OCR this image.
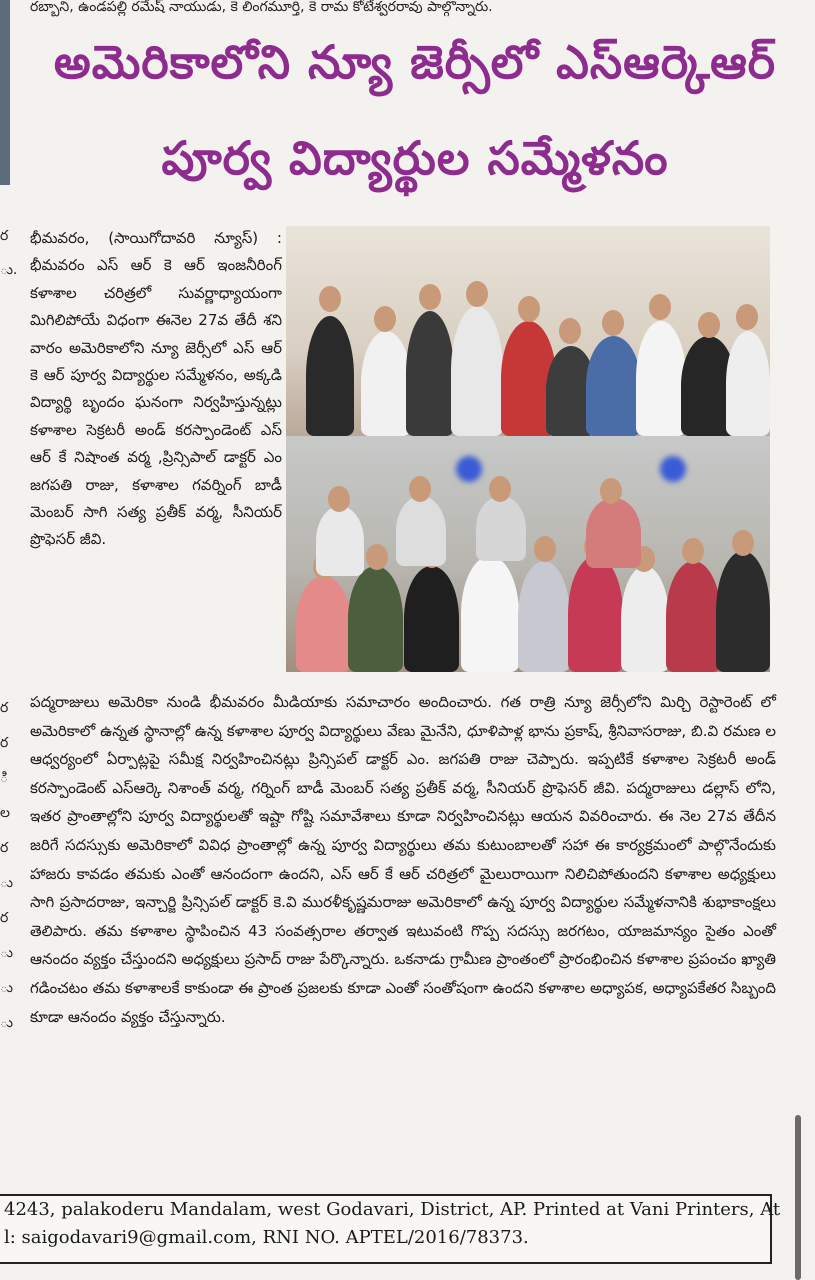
రబ్బాని, ఉండపల్లి రమేష్ నాయుడు, కె లింగమూర్తి, కె రామ కోటేశ్వరరావు పాల్గొన్నారు.
అమెరికాలోని న్యూ జెర్సీలో ఎస్ఆర్కెఆర్
పూర్వ విద్యార్థుల సమ్మేళనం
భీమవరం, (సాయిగోదావరి న్యూస్) : భీమవరం ఎస్ ఆర్ కె ఆర్ ఇంజనీరింగ్ కళాశాల చరిత్రలో సువర్ణాధ్యాయంగా మిగిలిపోయే విధంగా ఈనెల 27వ తేదీ శని వారం అమెరికాలోని న్యూ జెర్సీలో ఎస్ ఆర్ కె ఆర్ పూర్వ విద్యార్థుల సమ్మేళనం, అక్కడి విద్యార్థి బృందం ఘనంగా నిర్వహిస్తున్నట్లు కళాశాల సెక్రటరీ అండ్ కరస్పాండెంట్ ఎస్ ఆర్ కే నిషాంత వర్మ ,ప్రిన్సిపాల్ డాక్టర్ ఎం జగపతి రాజు, కళాశాల గవర్నింగ్ బాడీ మెంబర్ సాగి సత్య ప్రతీక్ వర్మ, సీనియర్ ప్రొఫెసర్ జీవి.
పద్మరాజులు అమెరికా నుండి భీమవరం మీడియాకు సమాచారం అందించారు. గత రాత్రి న్యూ జెర్సీలోని మిర్చి రెస్టారెంట్ లో అమెరికాలో ఉన్నత స్థానాల్లో ఉన్న కళాశాల పూర్వ విద్యార్థులు వేణు మైనేని, ధూళిపాళ్ల భాను ప్రకాష్, శ్రీనివాసరాజు, బి.వి రమణ ల ఆధ్వర్యంలో ఏర్పాట్లపై సమీక్ష నిర్వహించినట్లు ప్రిన్సిపల్ డాక్టర్ ఎం. జగపతి రాజు చెప్పారు. ఇప్పటికే కళాశాల సెక్రటరీ అండ్ కరస్పాండెంట్ ఎస్ఆర్కె నిశాంత్ వర్మ, గర్నింగ్ బాడీ మెంబర్ సత్య ప్రతీక్ వర్మ, సీనియర్ ప్రొఫెసర్ జీవి. పద్మరాజులు డల్లాస్ లోని, ఇతర ప్రాంతాల్లోని పూర్వ విద్యార్థులతో ఇష్టా గోష్టి సమావేశాలు కూడా నిర్వహించినట్లు ఆయన వివరించారు. ఈ నెల 27వ తేదీన జరిగే సదస్సుకు అమెరికాలో వివిధ ప్రాంతాల్లో ఉన్న పూర్వ విద్యార్థులు తమ కుటుంబాలతో సహా ఈ కార్యక్రమంలో పాల్గొనేందుకు హాజరు కావడం తమకు ఎంతో ఆనందంగా ఉందని, ఎస్ ఆర్ కే ఆర్ చరిత్రలో మైలురాయిగా నిలిచిపోతుందని కళాశాల అధ్యక్షులు సాగి ప్రసాదరాజు, ఇన్చార్జి ప్రిన్సిపల్ డాక్టర్ కె.వి మురళీకృష్ణమరాజు అమెరికాలో ఉన్న పూర్వ విద్యార్థుల సమ్మేళనానికి శుభాకాంక్షలు తెలిపారు. తమ కళాశాల స్థాపించిన 43 సంవత్సరాల తర్వాత ఇటువంటి గొప్ప సదస్సు జరగటం, యాజమాన్యం సైతం ఎంతో ఆనందం వ్యక్తం చేస్తుందని అధ్యక్షులు ప్రసాద్ రాజు పేర్కొన్నారు. ఒకనాడు గ్రామీణ ప్రాంతంలో ప్రారంభించిన కళాశాల ప్రపంచం ఖ్యాతి గడించటం తమ కళాశాలకే కాకుండా ఈ ప్రాంత ప్రజలకు కూడా ఎంతో సంతోషంగా ఉందని కళాశాల అధ్యాపక, అధ్యాపకేతర సిబ్బంది కూడా ఆనందం వ్యక్తం చేస్తున్నారు.
ర
ు.
ర
ర
ి
ల
ర
ు
ర
ు
ు
ు
4243, palakoderu Mandalam, west Godavari, District, AP. Printed at Vani Printers, At
l: saigodavari9@gmail.com, RNI NO. APTEL/2016/78373.
